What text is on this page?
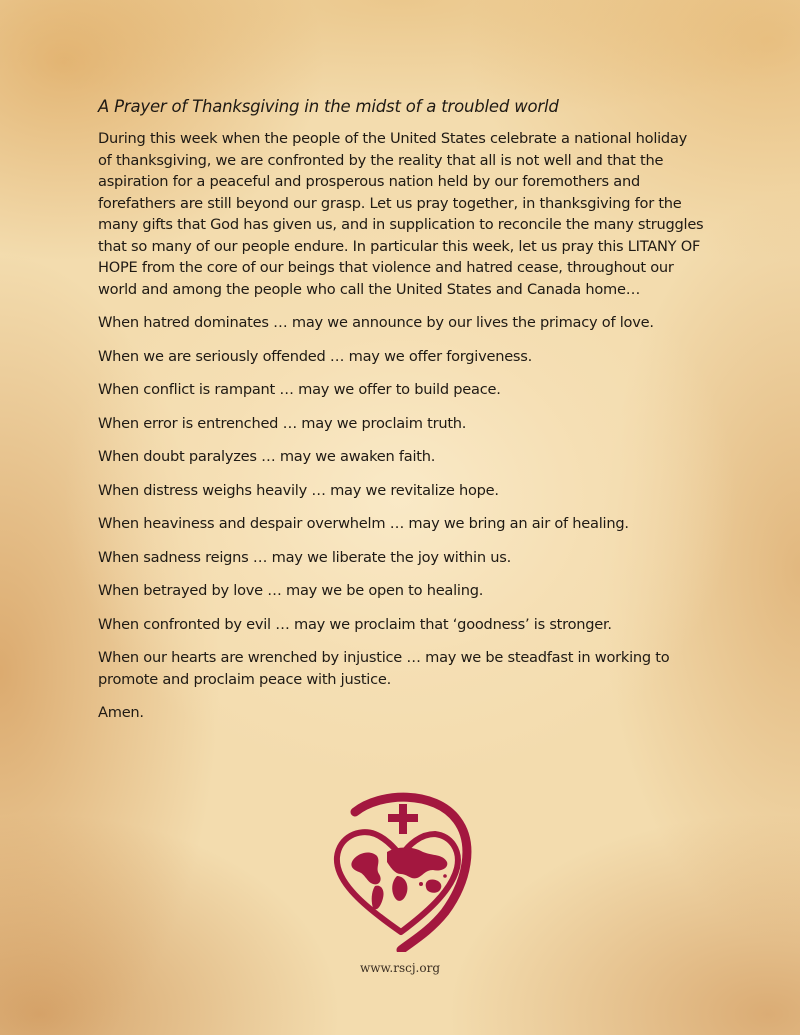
A Prayer of Thanksgiving in the midst of a troubled world

During this week when the people of the United States celebrate a national holiday of thanksgiving, we are confronted by the reality that all is not well and that the aspiration for a peaceful and prosperous nation held by our foremothers and forefathers are still beyond our grasp. Let us pray together, in thanksgiving for the many gifts that God has given us, and in supplication to reconcile the many struggles that so many of our people endure. In particular this week, let us pray this LITANY OF HOPE from the core of our beings that violence and hatred cease, throughout our world and among the people who call the United States and Canada home…

When hatred dominates … may we announce by our lives the primacy of love.
When we are seriously offended … may we offer forgiveness.
When conflict is rampant … may we offer to build peace.
When error is entrenched … may we proclaim truth.
When doubt paralyzes … may we awaken faith.
When distress weighs heavily … may we revitalize hope.
When heaviness and despair overwhelm … may we bring an air of healing.
When sadness reigns … may we liberate the joy within us.
When betrayed by love … may we be open to healing.
When confronted by evil … may we proclaim that ‘goodness’ is stronger.
When our hearts are wrenched by injustice … may we be steadfast in working to promote and proclaim peace with justice.

Amen.

www.rscj.org
